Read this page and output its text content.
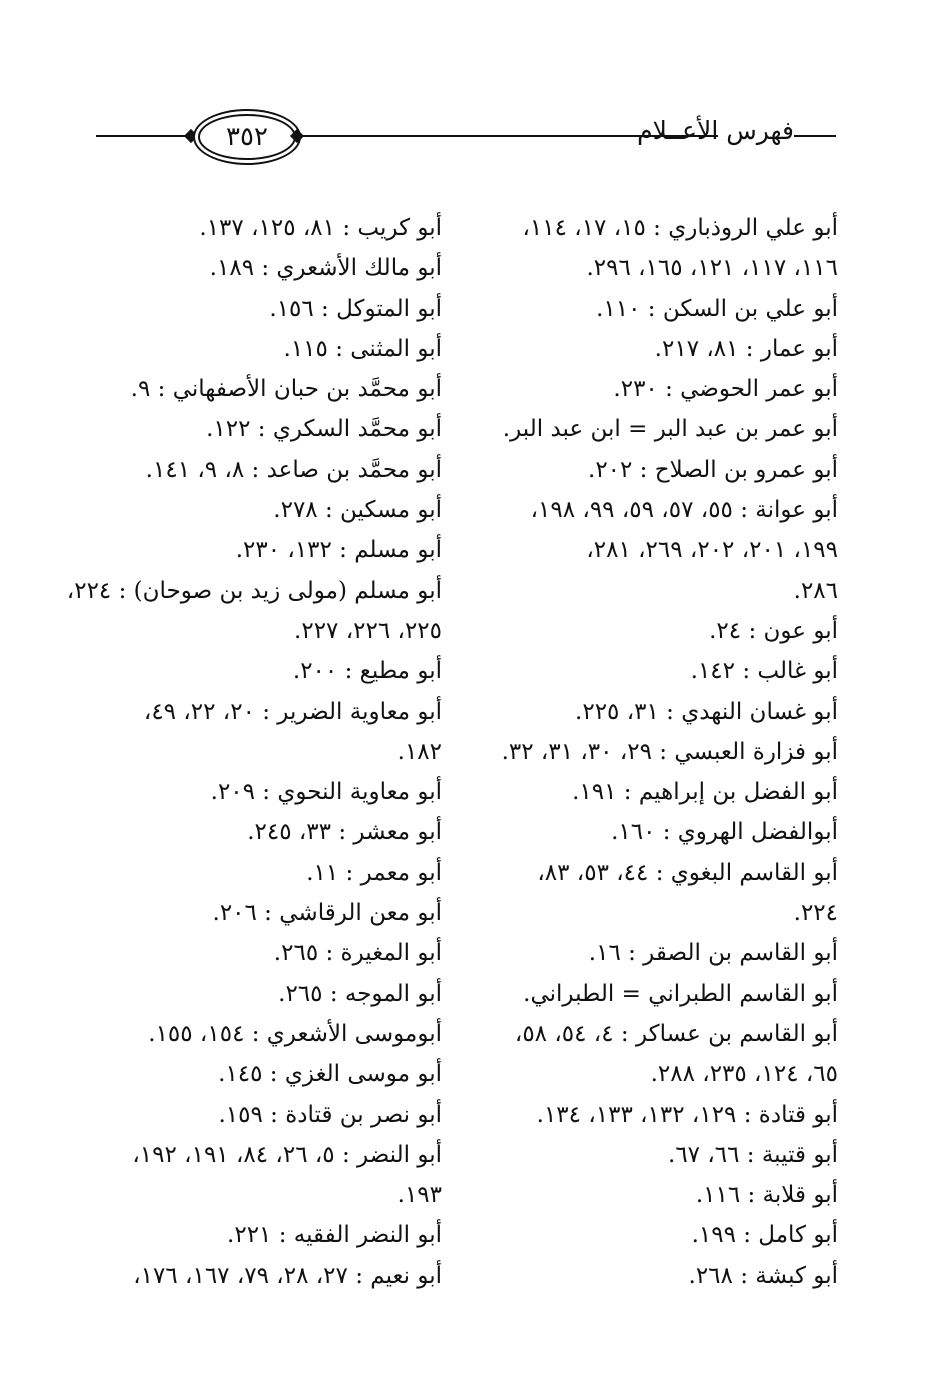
٣٥٢	فهرس الأعــلام
أبو علي الروذباري : ١٥، ١٧، ١١٤،
١١٦، ١١٧، ١٢١، ١٦٥، ٢٩٦.
أبو علي بن السكن : ١١٠.
أبو عمار : ٨١، ٢١٧.
أبو عمر الحوضي : ٢٣٠.
أبو عمر بن عبد البر = ابن عبد البر.
أبو عمرو بن الصلاح : ٢٠٢.
أبو عوانة : ٥٥، ٥٧، ٥٩، ٩٩، ١٩٨،
١٩٩، ٢٠١، ٢٠٢، ٢٦٩، ٢٨١،
٢٨٦.
أبو عون : ٢٤.
أبو غالب : ١٤٢.
أبو غسان النهدي : ٣١، ٢٢٥.
أبو فزارة العبسي : ٢٩، ٣٠، ٣١، ٣٢.
أبو الفضل بن إبراهيم : ١٩١.
أبوالفضل الهروي : ١٦٠.
أبو القاسم البغوي : ٤٤، ٥٣، ٨٣،
٢٢٤.
أبو القاسم بن الصقر : ١٦.
أبو القاسم الطبراني = الطبراني.
أبو القاسم بن عساكر : ٤، ٥٤، ٥٨،
٦٥، ١٢٤، ٢٣٥، ٢٨٨.
أبو قتادة : ١٢٩، ١٣٢، ١٣٣، ١٣٤.
أبو قتيبة : ٦٦، ٦٧.
أبو قلابة : ١١٦.
أبو كامل : ١٩٩.
أبو كبشة : ٢٦٨.
أبو كريب : ٨١، ١٢٥، ١٣٧.
أبو مالك الأشعري : ١٨٩.
أبو المتوكل : ١٥٦.
أبو المثنى : ١١٥.
أبو محمَّد بن حبان الأصفهاني : ٩.
أبو محمَّد السكري : ١٢٢.
أبو محمَّد بن صاعد : ٨، ٩، ١٤١.
أبو مسكين : ٢٧٨.
أبو مسلم : ١٣٢، ٢٣٠.
أبو مسلم (مولى زيد بن صوحان) : ٢٢٤،
٢٢٥، ٢٢٦، ٢٢٧.
أبو مطيع : ٢٠٠.
أبو معاوية الضرير : ٢٠، ٢٢، ٤٩،
١٨٢.
أبو معاوية النحوي : ٢٠٩.
أبو معشر : ٣٣، ٢٤٥.
أبو معمر : ١١.
أبو معن الرقاشي : ٢٠٦.
أبو المغيرة : ٢٦٥.
أبو الموجه : ٢٦٥.
أبوموسى الأشعري : ١٥٤، ١٥٥.
أبو موسى الغزي : ١٤٥.
أبو نصر بن قتادة : ١٥٩.
أبو النضر : ٥، ٢٦، ٨٤، ١٩١، ١٩٢،
١٩٣.
أبو النضر الفقيه : ٢٢١.
أبو نعيم : ٢٧، ٢٨، ٧٩، ١٦٧، ١٧٦،
